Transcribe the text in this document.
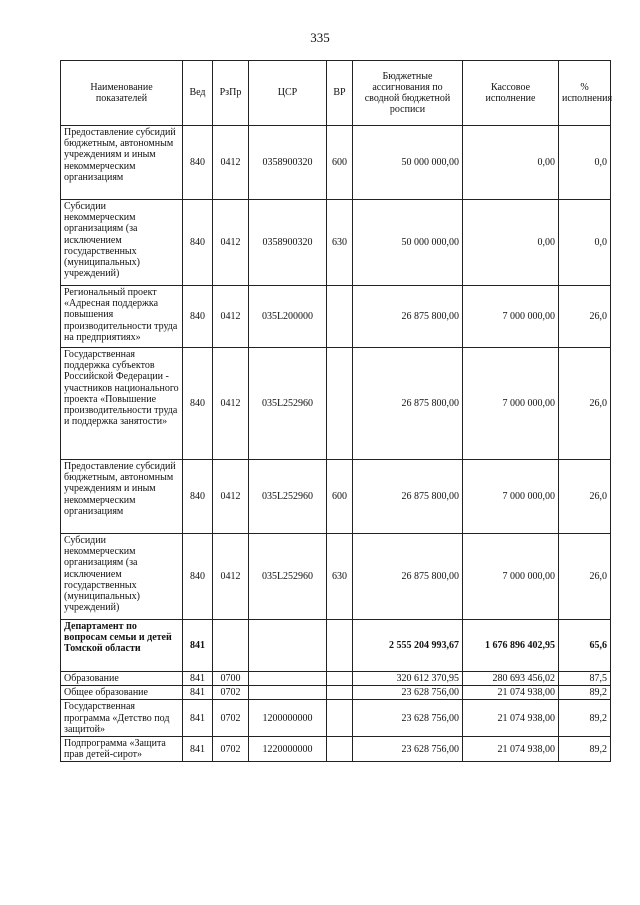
335
Наименование показателей	Вед	РзПр	ЦСР	ВР	Бюджетные ассигнования по сводной бюджетной росписи	Кассовое исполнение	% исполнения
Предоставление субсидий бюджетным, автономным учреждениям и иным некоммерческим организациям	840	0412	0358900320	600	50 000 000,00	0,00	0,0
Субсидии некоммерческим организациям (за исключением государственных (муниципальных) учреждений)	840	0412	0358900320	630	50 000 000,00	0,00	0,0
Региональный проект «Адресная поддержка повышения производительности труда на предприятиях»	840	0412	035L200000		26 875 800,00	7 000 000,00	26,0
Государственная поддержка субъектов Российской Федерации - участников национального проекта «Повышение производительности труда и поддержка занятости»	840	0412	035L252960		26 875 800,00	7 000 000,00	26,0
Предоставление субсидий бюджетным, автономным учреждениям и иным некоммерческим организациям	840	0412	035L252960	600	26 875 800,00	7 000 000,00	26,0
Субсидии некоммерческим организациям (за исключением государственных (муниципальных) учреждений)	840	0412	035L252960	630	26 875 800,00	7 000 000,00	26,0
Департамент по вопросам семьи и детей Томской области	841				2 555 204 993,67	1 676 896 402,95	65,6
Образование	841	0700			320 612 370,95	280 693 456,02	87,5
Общее образование	841	0702			23 628 756,00	21 074 938,00	89,2
Государственная программа «Детство под защитой»	841	0702	1200000000		23 628 756,00	21 074 938,00	89,2
Подпрограмма «Защита прав детей-сирот»	841	0702	1220000000		23 628 756,00	21 074 938,00	89,2
